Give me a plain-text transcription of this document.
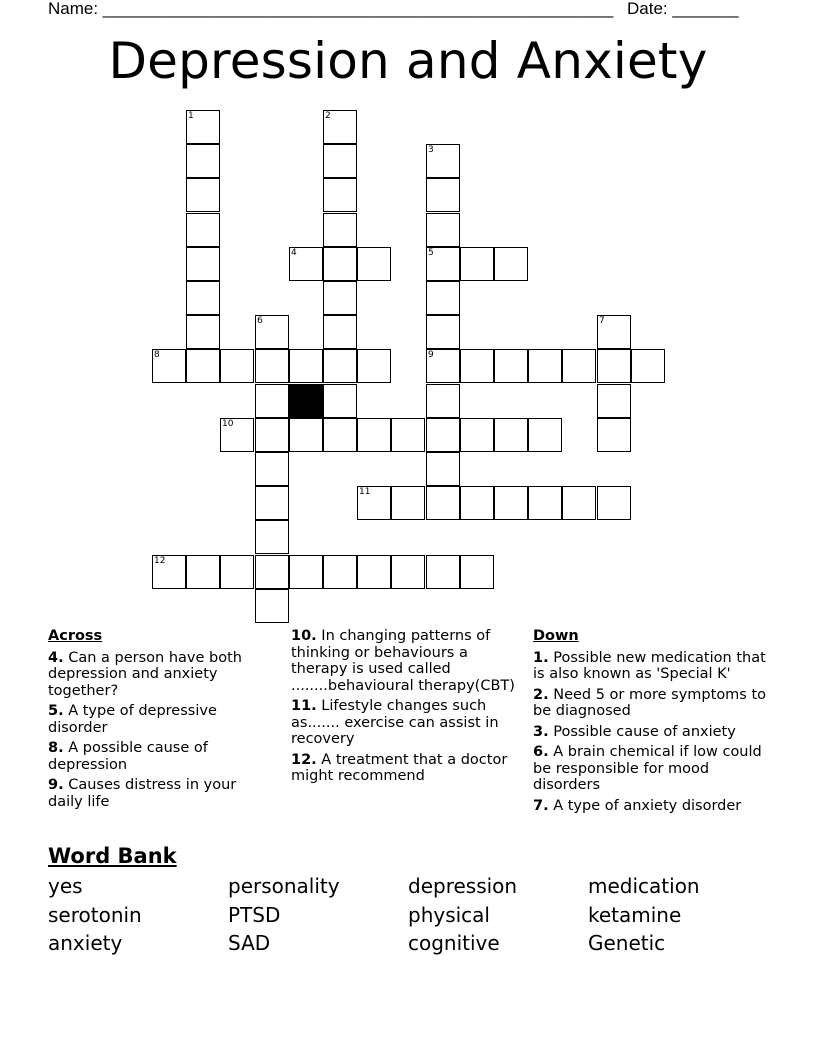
Name: ______________________________________________________ Date: _______
Depression and Anxiety
1	2
3
5
9
4
6	7
8
10
11
12
Across
4. Can a person have both depression and anxiety together?
5. A type of depressive disorder
8. A possible cause of depression
9. Causes distress in your daily life
10. In changing patterns of thinking or behaviours a therapy is used called ........behavioural therapy(CBT)
11. Lifestyle changes such as....... exercise can assist in recovery
12. A treatment that a doctor might recommend
Down
1. Possible new medication that is also known as 'Special K'
2. Need 5 or more symptoms to be diagnosed
3. Possible cause of anxiety
6. A brain chemical if low could be responsible for mood disorders
7. A type of anxiety disorder
Word Bank
yes	personality	depression	medication
serotonin	PTSD	physical	ketamine
anxiety	SAD	cognitive	Genetic
